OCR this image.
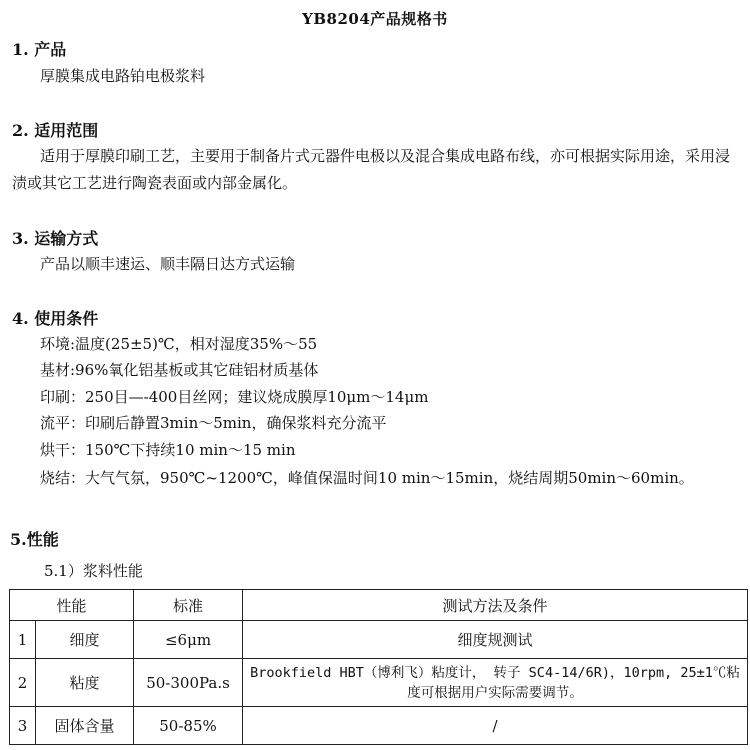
YB8204产品规格书
1. 产品
厚膜集成电路铂电极浆料
2. 适用范围
适用于厚膜印刷工艺，主要用于制备片式元器件电极以及混合集成电路布线，亦可根据实际用途，采用浸渍或其它工艺进行陶瓷表面或内部金属化。
3. 运输方式
产品以顺丰速运、顺丰隔日达方式运输
4. 使用条件
环境:温度(25±5)℃，相对湿度35%～55
基材:96%氧化铝基板或其它硅铝材质基体
印刷：250目—-400目丝网；建议烧成膜厚10μm～14μm
流平：印刷后静置3min～5min，确保浆料充分流平
烘干：150℃下持续10 min～15 min
烧结：大气气氛，950℃~1200℃，峰值保温时间10 min～15min，烧结周期50min～60min。
5.性能
5.1）浆料性能
性能		标准	测试方法及条件
1	细度	≤6μm	细度规测试
2	粘度	50-300Pa.s	Brookfield HBT（博利飞）粘度计， 转子 SC4-14/6R)，10rpm, 25±1℃粘度可根据用户实际需要调节。
3	固体含量	50-85%	/
